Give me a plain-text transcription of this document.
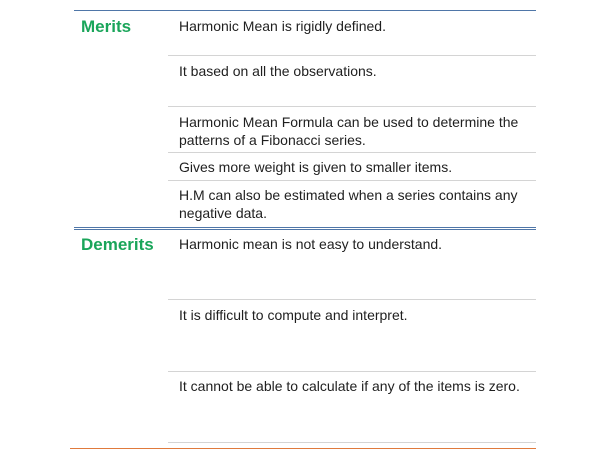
Merits	Harmonic Mean is rigidly defined.
It based on all the observations.
Harmonic Mean Formula can be used to determine the patterns of a Fibonacci series.
Gives more weight is given to smaller items.
H.M can also be estimated when a series contains any negative data.
Demerits Harmonic mean is not easy to understand.
It is difficult to compute and interpret.
It cannot be able to calculate if any of the items is zero.
